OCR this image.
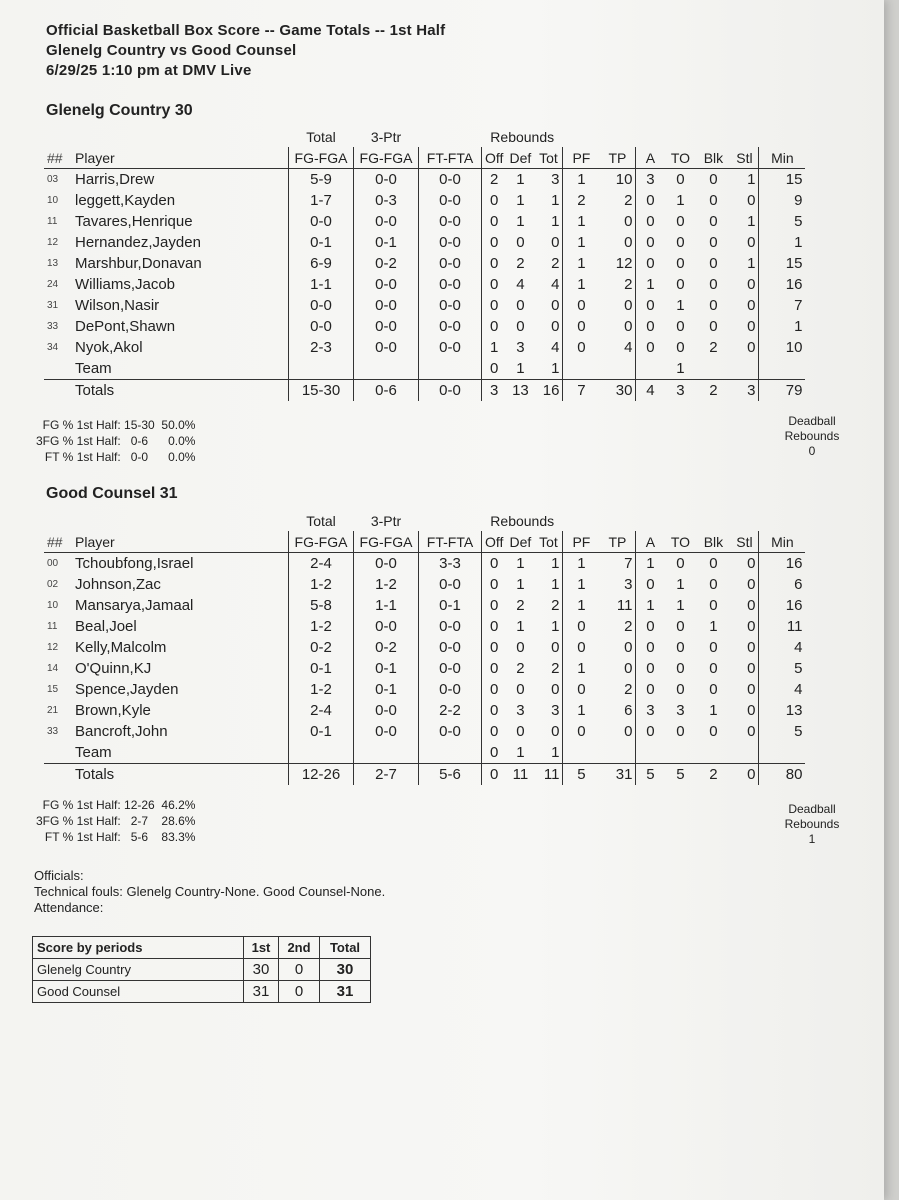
Official Basketball Box Score -- Game Totals -- 1st Half
Glenelg Country vs Good Counsel
6/29/25 1:10 pm at DMV Live
Glenelg Country 30
		Total	3-Ptr		Rebounds									
##	Player	FG-FGA	FG-FGA	FT-FTA	Off	Def	Tot	PF	TP	A	TO	Blk	Stl	Min
03	Harris,Drew	5-9	0-0	0-0	2	1	3	1	10	3	0	0	1	15
10	leggett,Kayden	1-7	0-3	0-0	0	1	1	2	2	0	1	0	0	9
11	Tavares,Henrique	0-0	0-0	0-0	0	1	1	1	0	0	0	0	1	5
12	Hernandez,Jayden	0-1	0-1	0-0	0	0	0	1	0	0	0	0	0	1
13	Marshbur,Donavan	6-9	0-2	0-0	0	2	2	1	12	0	0	0	1	15
24	Williams,Jacob	1-1	0-0	0-0	0	4	4	1	2	1	0	0	0	16
31	Wilson,Nasir	0-0	0-0	0-0	0	0	0	0	0	0	1	0	0	7
33	DePont,Shawn	0-0	0-0	0-0	0	0	0	0	0	0	0	0	0	1
34	Nyok,Akol	2-3	0-0	0-0	1	3	4	0	4	0	0	2	0	10
	Team				0	1	1				1			
	Totals	15-30	0-6	0-0	3	13	16	7	30	4	3	2	3	79
FG % 1st Half: 15-30 50.0%
3FG % 1st Half: 0-6 0.0%
FT % 1st Half: 0-0 0.0%
Deadball
Rebounds
0
Good Counsel 31
		Total	3-Ptr		Rebounds									
##	Player	FG-FGA	FG-FGA	FT-FTA	Off	Def	Tot	PF	TP	A	TO	Blk	Stl	Min
00	Tchoubfong,Israel	2-4	0-0	3-3	0	1	1	1	7	1	0	0	0	16
02	Johnson,Zac	1-2	1-2	0-0	0	1	1	1	3	0	1	0	0	6
10	Mansarya,Jamaal	5-8	1-1	0-1	0	2	2	1	11	1	1	0	0	16
11	Beal,Joel	1-2	0-0	0-0	0	1	1	0	2	0	0	1	0	11
12	Kelly,Malcolm	0-2	0-2	0-0	0	0	0	0	0	0	0	0	0	4
14	O'Quinn,KJ	0-1	0-1	0-0	0	2	2	1	0	0	0	0	0	5
15	Spence,Jayden	1-2	0-1	0-0	0	0	0	0	2	0	0	0	0	4
21	Brown,Kyle	2-4	0-0	2-2	0	3	3	1	6	3	3	1	0	13
33	Bancroft,John	0-1	0-0	0-0	0	0	0	0	0	0	0	0	0	5
	Team				0	1	1							
	Totals	12-26	2-7	5-6	0	11	11	5	31	5	5	2	0	80
FG % 1st Half: 12-26 46.2%
3FG % 1st Half: 2-7 28.6%
FT % 1st Half: 5-6 83.3%
Deadball
Rebounds
1
Officials:
Technical fouls: Glenelg Country-None. Good Counsel-None.
Attendance:
Score by periods	1st	2nd	Total
Glenelg Country	30	0	30
Good Counsel	31	0	31
